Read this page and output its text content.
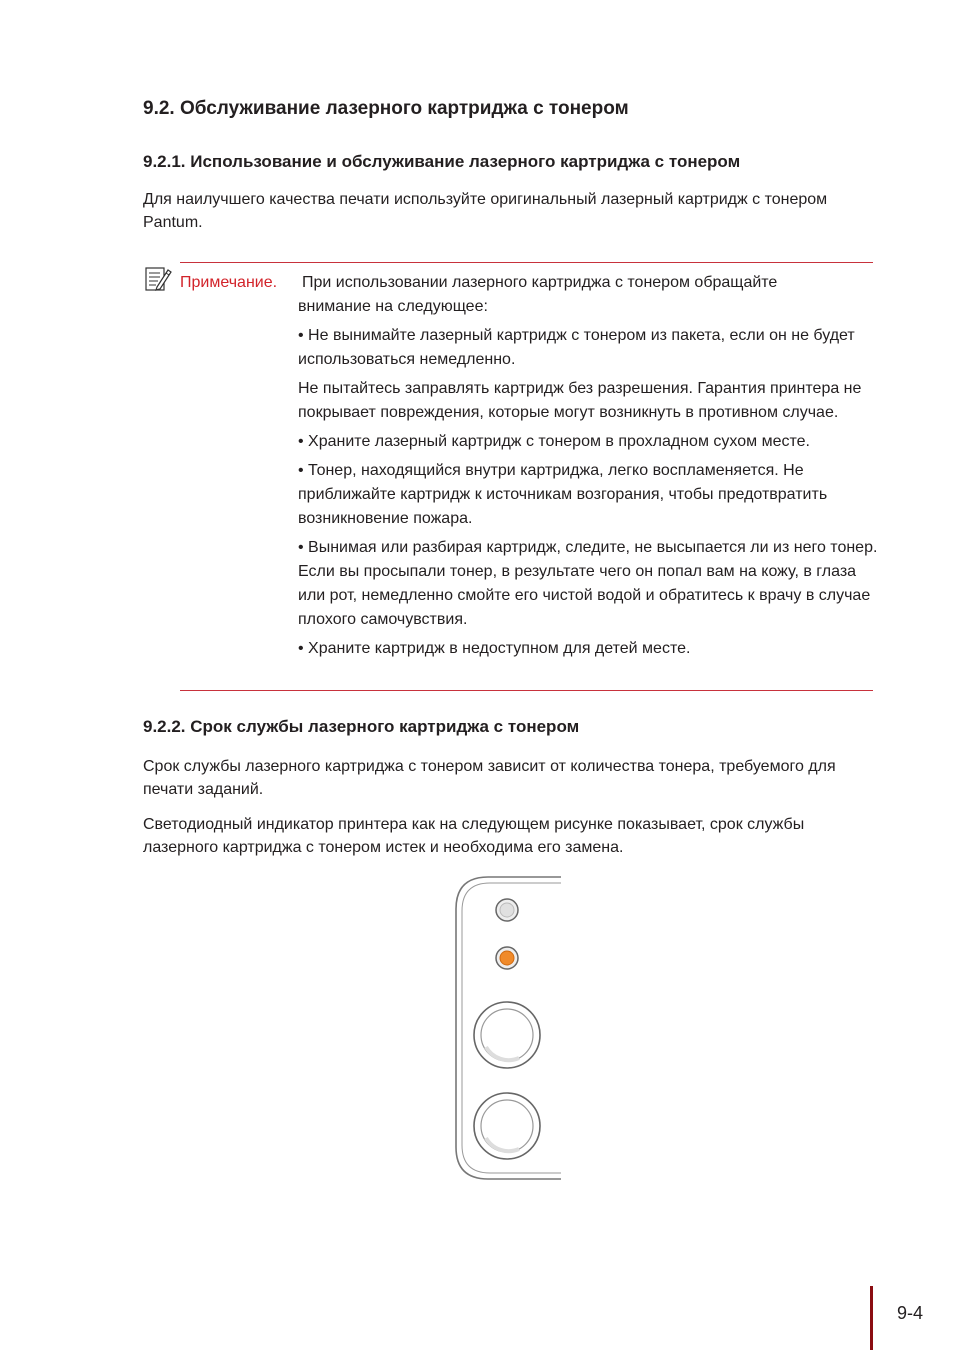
9.2. Обслуживание лазерного картриджа с тонером
9.2.1. Использование и обслуживание лазерного картриджа с тонером

Для наилучшего качества печати используйте оригинальный лазерный картридж с тонером Pantum.

Примечание. При использовании лазерного картриджа с тонером обращайте

внимание на следующее:

• Не вынимайте лазерный картридж с тонером из пакета, если он не будет использоваться немедленно.

Не пытайтесь заправлять картридж без разрешения. Гарантия принтера не покрывает повреждения, которые могут возникнуть в противном случае.

• Храните лазерный картридж с тонером в прохладном сухом месте.

• Тонер, находящийся внутри картриджа, легко воспламеняется. Не приближайте картридж к источникам возгорания, чтобы предотвратить возникновение пожара.

• Вынимая или разбирая картридж, следите, не высыпается ли из него тонер. Если вы просыпали тонер, в результате чего он попал вам на кожу, в глаза или рот, немедленно смойте его чистой водой и обратитесь к врачу в случае плохого самочувствия.

• Храните картридж в недоступном для детей месте.

9.2.2. Срок службы лазерного картриджа с тонером

Срок службы лазерного картриджа с тонером зависит от количества тонера, требуемого для печати заданий.

Светодиодный индикатор принтера как на следующем рисунке показывает, срок службы лазерного картриджа с тонером истек и необходима его замена.

9-4
